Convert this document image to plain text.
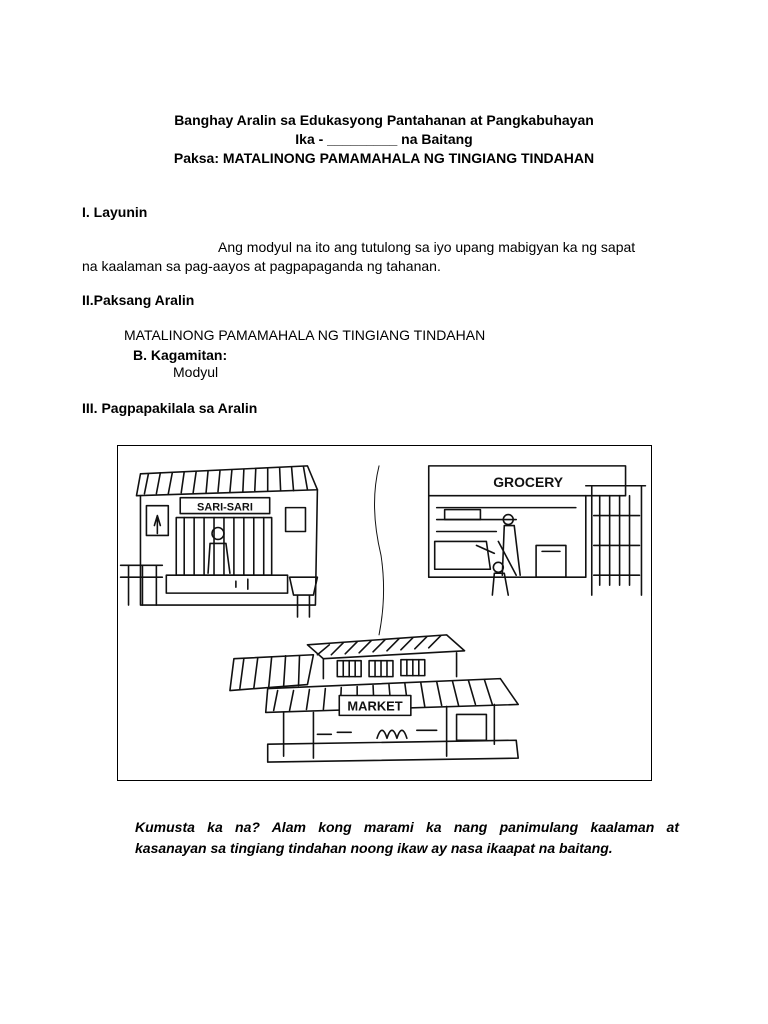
Banghay Aralin sa Edukasyong Pantahanan at Pangkabuhayan
Ika - _________ na Baitang
Paksa: MATALINONG PAMAMAHALA NG TINGIANG TINDAHAN
I. Layunin
Ang modyul na ito ang tutulong sa iyo upang mabigyan ka ng sapat
na kaalaman sa pag-aayos at pagpapaganda ng tahanan.
II.Paksang Aralin
MATALINONG PAMAMAHALA NG TINGIANG TINDAHAN
B. Kagamitan:
Modyul
III. Pagpapakilala sa Aralin
SARI-SARI
GROCERY
MARKET
Kumusta ka na? Alam kong marami ka nang panimulang kaalaman at
kasanayan sa tingiang tindahan noong ikaw ay nasa ikaapat na baitang.
